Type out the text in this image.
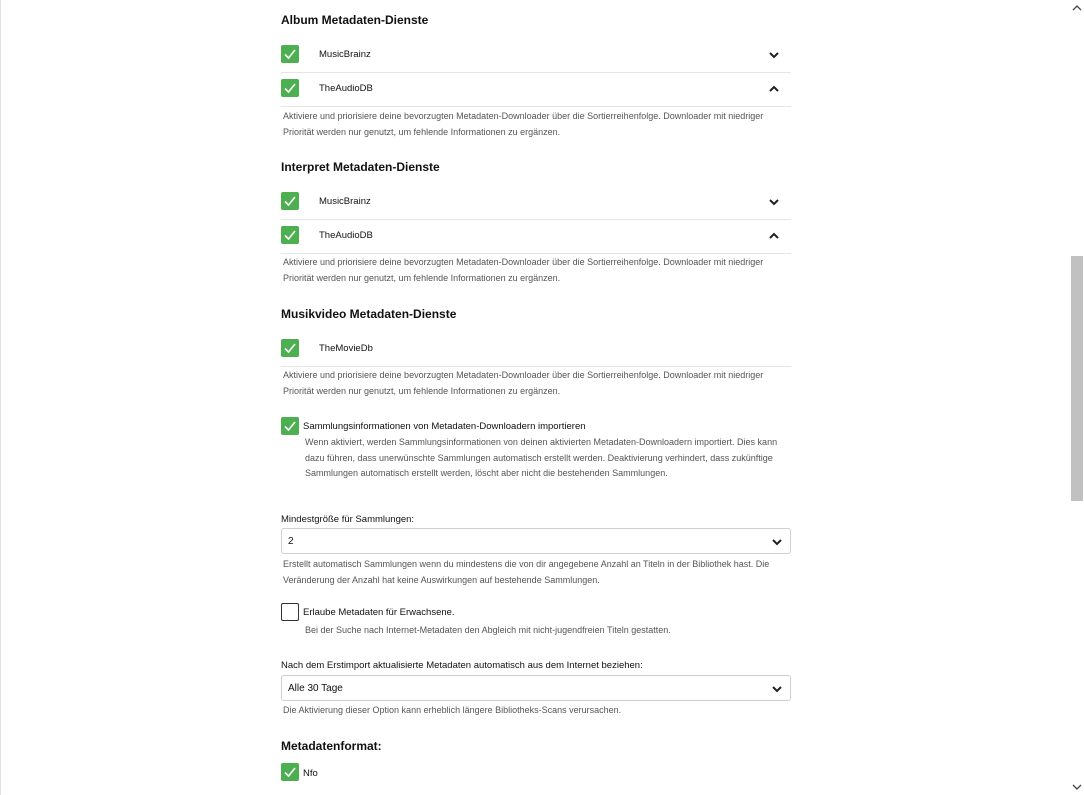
Album Metadaten-Dienste
MusicBrainz
TheAudioDB
Aktiviere und priorisiere deine bevorzugten Metadaten-Downloader über die Sortierreihenfolge. Downloader mit niedriger Priorität werden nur genutzt, um fehlende Informationen zu ergänzen.
Interpret Metadaten-Dienste
MusicBrainz
TheAudioDB
Aktiviere und priorisiere deine bevorzugten Metadaten-Downloader über die Sortierreihenfolge. Downloader mit niedriger Priorität werden nur genutzt, um fehlende Informationen zu ergänzen.
Musikvideo Metadaten-Dienste
TheMovieDb
Aktiviere und priorisiere deine bevorzugten Metadaten-Downloader über die Sortierreihenfolge. Downloader mit niedriger Priorität werden nur genutzt, um fehlende Informationen zu ergänzen.
Sammlungsinformationen von Metadaten-Downloadern importieren
Wenn aktiviert, werden Sammlungsinformationen von deinen aktivierten Metadaten-Downloadern importiert. Dies kann dazu führen, dass unerwünschte Sammlungen automatisch erstellt werden. Deaktivierung verhindert, dass zukünftige Sammlungen automatisch erstellt werden, löscht aber nicht die bestehenden Sammlungen.
Mindestgröße für Sammlungen:
2
Erstellt automatisch Sammlungen wenn du mindestens die von dir angegebene Anzahl an Titeln in der Bibliothek hast. Die Veränderung der Anzahl hat keine Auswirkungen auf bestehende Sammlungen.
Erlaube Metadaten für Erwachsene.
Bei der Suche nach Internet-Metadaten den Abgleich mit nicht-jugendfreien Titeln gestatten.
Nach dem Erstimport aktualisierte Metadaten automatisch aus dem Internet beziehen:
Alle 30 Tage
Die Aktivierung dieser Option kann erheblich längere Bibliotheks-Scans verursachen.
Metadatenformat:
Nfo
